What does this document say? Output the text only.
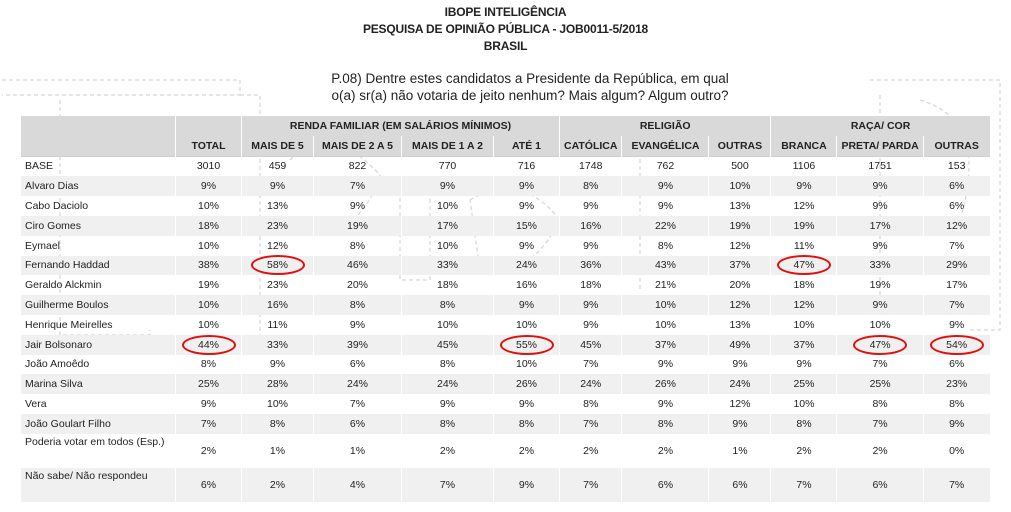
IBOPE INTELIGÊNCIA
PESQUISA DE OPINIÃO PÚBLICA - JOB0011-5/2018
BRASIL
P.08) Dentre estes candidatos a Presidente da República, em qual
o(a) sr(a) não votaria de jeito nenhum? Mais algum? Algum outro?
		RENDA FAMILIAR (EM SALÁRIOS MÍNIMOS)				RELIGIÃO			RAÇA/ COR		
	TOTAL	MAIS DE 5	MAIS DE 2 A 5	MAIS DE 1 A 2	ATÉ 1	CATÓLICA	EVANGÉLICA	OUTRAS	BRANCA	PRETA/ PARDA	OUTRAS
BASE	3010	459	822	770	716	1748	762	500	1106	1751	153
Alvaro Dias	9%	9%	7%	9%	9%	8%	9%	10%	9%	9%	6%
Cabo Daciolo	10%	13%	9%	10%	9%	9%	9%	13%	12%	9%	6%
Ciro Gomes	18%	23%	19%	17%	15%	16%	22%	19%	19%	17%	12%
Eymael	10%	12%	8%	10%	9%	9%	8%	12%	11%	9%	7%
Fernando Haddad	38%	58%	46%	33%	24%	36%	43%	37%	47%	33%	29%
Geraldo Alckmin	19%	23%	20%	18%	16%	18%	21%	20%	18%	19%	17%
Guilherme Boulos	10%	16%	8%	8%	9%	9%	10%	12%	12%	9%	7%
Henrique Meirelles	10%	11%	9%	10%	10%	9%	10%	13%	10%	10%	9%
Jair Bolsonaro	44%	33%	39%	45%	55%	45%	37%	49%	37%	47%	54%
João Amoêdo	8%	9%	6%	8%	10%	7%	9%	9%	9%	7%	6%
Marina Silva	25%	28%	24%	24%	26%	24%	26%	24%	25%	25%	23%
Vera	9%	10%	7%	9%	9%	8%	9%	12%	10%	8%	8%
João Goulart Filho	7%	8%	6%	8%	8%	7%	8%	9%	8%	7%	9%
Poderia votar em todos (Esp.)	2%	1%	1%	2%	2%	2%	2%	1%	2%	2%	0%
Não sabe/ Não respondeu	6%	2%	4%	7%	9%	7%	6%	6%	7%	6%	7%
